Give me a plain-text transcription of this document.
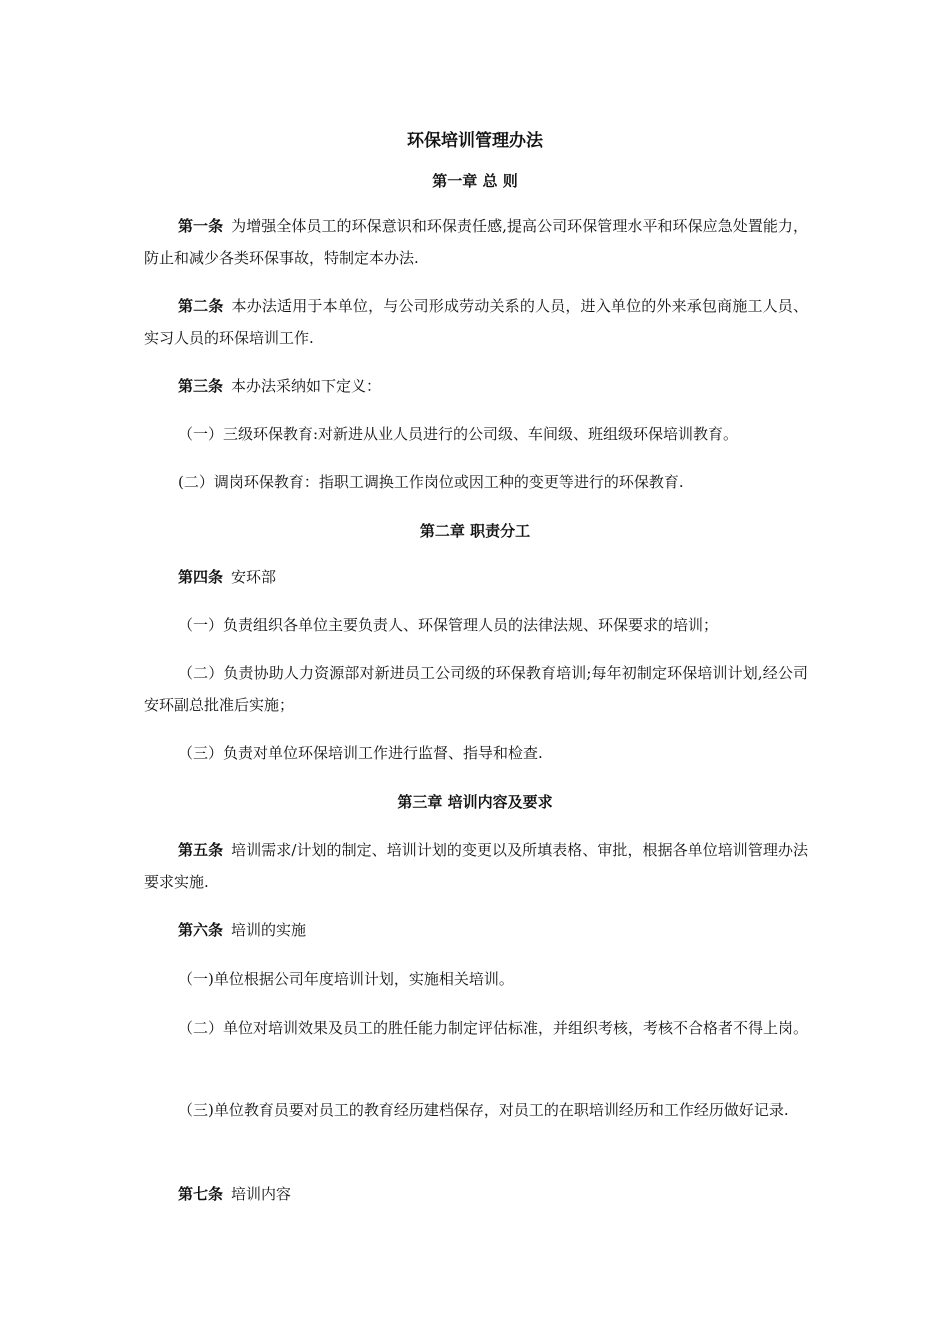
环保培训管理办法
第一章 总 则

第一条 为增强全体员工的环保意识和环保责任感,提高公司环保管理水平和环保应急处置能力，防止和减少各类环保事故，特制定本办法.

第二条 本办法适用于本单位，与公司形成劳动关系的人员，进入单位的外来承包商施工人员、实习人员的环保培训工作.

第三条 本办法采纳如下定义：

（一）三级环保教育:对新进从业人员进行的公司级、车间级、班组级环保培训教育。

(二）调岗环保教育：指职工调换工作岗位或因工种的变更等进行的环保教育.

第二章 职责分工

第四条 安环部

（一）负责组织各单位主要负责人、环保管理人员的法律法规、环保要求的培训；

（二）负责协助人力资源部对新进员工公司级的环保教育培训;每年初制定环保培训计划,经公司安环副总批准后实施；

（三）负责对单位环保培训工作进行监督、指导和检查.

第三章 培训内容及要求

第五条 培训需求/计划的制定、培训计划的变更以及所填表格、审批，根据各单位培训管理办法要求实施.

第六条 培训的实施

（一)单位根据公司年度培训计划，实施相关培训。

（二）单位对培训效果及员工的胜任能力制定评估标准，并组织考核，考核不合格者不得上岗。

（三)单位教育员要对员工的教育经历建档保存，对员工的在职培训经历和工作经历做好记录.

第七条 培训内容
